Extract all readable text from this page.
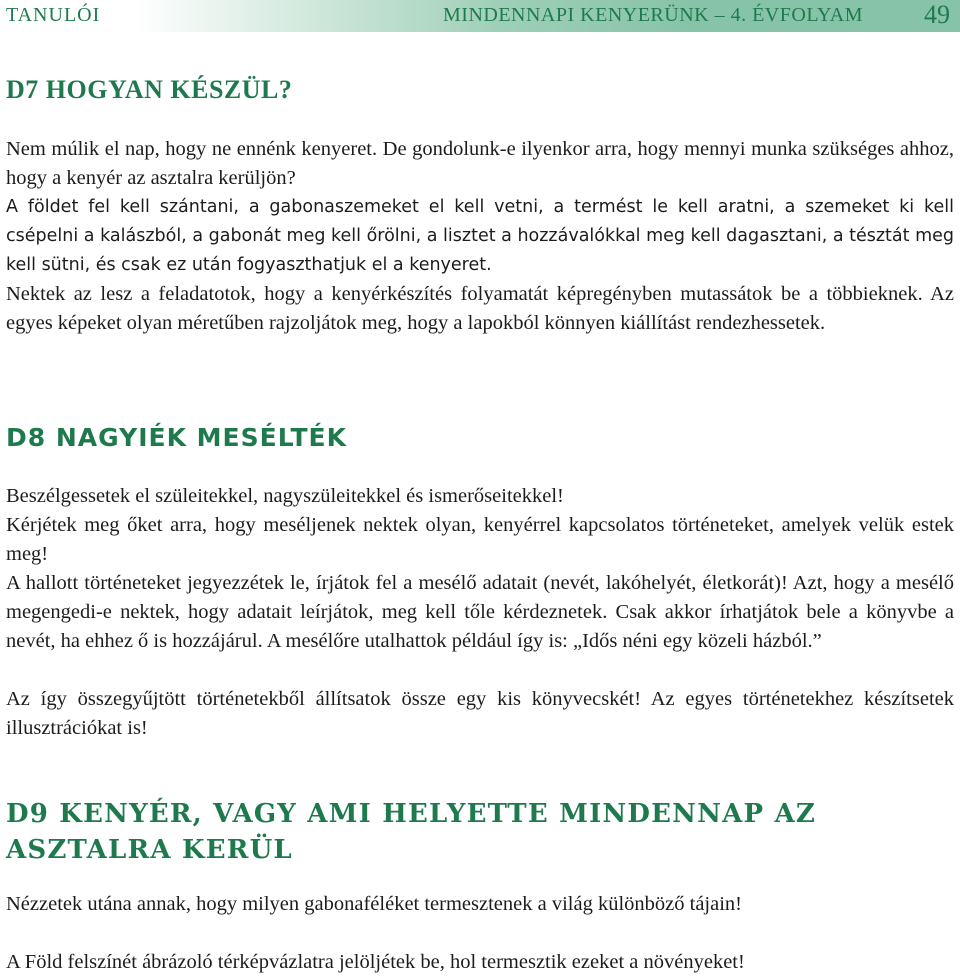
TANULÓI	MINDENNAPI KENYERÜNK – 4. ÉVFOLYAM 49
D7 HOGYAN KÉSZÜL?

Nem múlik el nap, hogy ne ennénk kenyeret. De gondolunk-e ilyenkor arra, hogy mennyi munka szükséges ahhoz, hogy a kenyér az asztalra kerüljön?

A földet fel kell szántani, a gabonaszemeket el kell vetni, a termést le kell aratni, a szemeket ki kell csépelni a kalászból, a gabonát meg kell őrölni, a lisztet a hozzávalókkal meg kell dagasztani, a tésztát meg kell sütni, és csak ez után fogyaszthatjuk el a kenyeret.

Nektek az lesz a feladatotok, hogy a kenyérkészítés folyamatát képregényben mutassátok be a többieknek. Az egyes képeket olyan méretűben rajzoljátok meg, hogy a lapokból könnyen kiállítást rendezhessetek.

D8 NAGYIÉK MESÉLTÉK

Beszélgessetek el szüleitekkel, nagyszüleitekkel és ismerőseitekkel!

Kérjétek meg őket arra, hogy meséljenek nektek olyan, kenyérrel kapcsolatos történeteket, amelyek velük estek meg!

A hallott történeteket jegyezzétek le, írjátok fel a mesélő adatait (nevét, lakóhelyét, életkorát)! Azt, hogy a mesélő megengedi-e nektek, hogy adatait leírjátok, meg kell tőle kérdeznetek. Csak akkor írhatjátok bele a könyvbe a nevét, ha ehhez ő is hozzájárul. A mesélőre utalhattok például így is: „Idős néni egy közeli házból.”

Az így összegyűjtött történetekből állítsatok össze egy kis könyvecskét! Az egyes történetekhez készítsetek illusztrációkat is!

D9 KENYÉR, VAGY AMI HELYETTE MINDENNAP AZ ASZTALRA KERÜL

Nézzetek utána annak, hogy milyen gabonaféléket termesztenek a világ különböző tájain!

A Föld felszínét ábrázoló térképvázlatra jelöljétek be, hol termesztik ezeket a növényeket!
